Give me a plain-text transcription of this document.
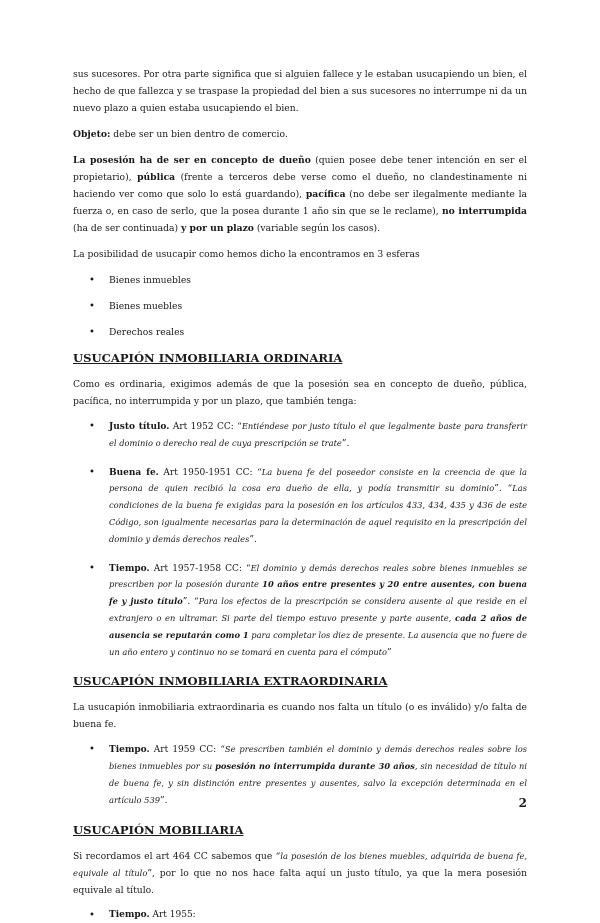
sus sucesores. Por otra parte significa que si alguien fallece y le estaban usucapiendo un bien, el hecho de que fallezca y se traspase la propiedad del bien a sus sucesores no interrumpe ni da un nuevo plazo a quien estaba usucapiendo el bien.

Objeto: debe ser un bien dentro de comercio.

La posesión ha de ser en concepto de dueño (quien posee debe tener intención en ser el propietario), pública (frente a terceros debe verse como el dueño, no clandestinamente ni haciendo ver como que solo lo está guardando), pacífica (no debe ser ilegalmente mediante la fuerza o, en caso de serlo, que la posea durante 1 año sin que se le reclame), no interrumpida (ha de ser continuada) y por un plazo (variable según los casos).

La posibilidad de usucapir como hemos dicho la encontramos en 3 esferas

• Bienes inmuebles
• Bienes muebles
• Derechos reales
USUCAPIÓN INMOBILIARIA ORDINARIA

Como es ordinaria, exigimos además de que la posesión sea en concepto de dueño, pública, pacífica, no interrumpida y por un plazo, que también tenga:

• Justo título. Art 1952 CC: “Entiéndese por justo título el que legalmente baste para transferir el dominio o derecho real de cuya prescripción se trate”.
• Buena fe. Art 1950-1951 CC: “La buena fe del poseedor consiste en la creencia de que la persona de quien recibió la cosa era dueño de ella, y podía transmitir su dominio”. “Las condiciones de la buena fe exigidas para la posesión en los artículos 433, 434, 435 y 436 de este Código, son igualmente necesarias para la determinación de aquel requisito en la prescripción del dominio y demás derechos reales”.
• Tiempo. Art 1957-1958 CC: “El dominio y demás derechos reales sobre bienes inmuebles se prescriben por la posesión durante 10 años entre presentes y 20 entre ausentes, con buena fe y justo título”. “Para los efectos de la prescripción se considera ausente al que reside en el extranjero o en ultramar. Si parte del tiempo estuvo presente y parte ausente, cada 2 años de ausencia se reputarán como 1 para completar los diez de presente. La ausencia que no fuere de un año entero y continuo no se tomará en cuenta para el cómputo”
USUCAPIÓN INMOBILIARIA EXTRAORDINARIA

La usucapión inmobiliaria extraordinaria es cuando nos falta un título (o es inválido) y/o falta de buena fe.

• Tiempo. Art 1959 CC: “Se prescriben también el dominio y demás derechos reales sobre los bienes inmuebles por su posesión no interrumpida durante 30 años, sin necesidad de título ni de buena fe, y sin distinción entre presentes y ausentes, salvo la excepción determinada en el artículo 539”.
USUCAPIÓN MOBILIARIA

Si recordamos el art 464 CC sabemos que “la posesión de los bienes muebles, adquirida de buena fe, equivale al título”, por lo que no nos hace falta aquí un justo título, ya que la mera posesión equivale al título.

• Tiempo. Art 1955:
2
